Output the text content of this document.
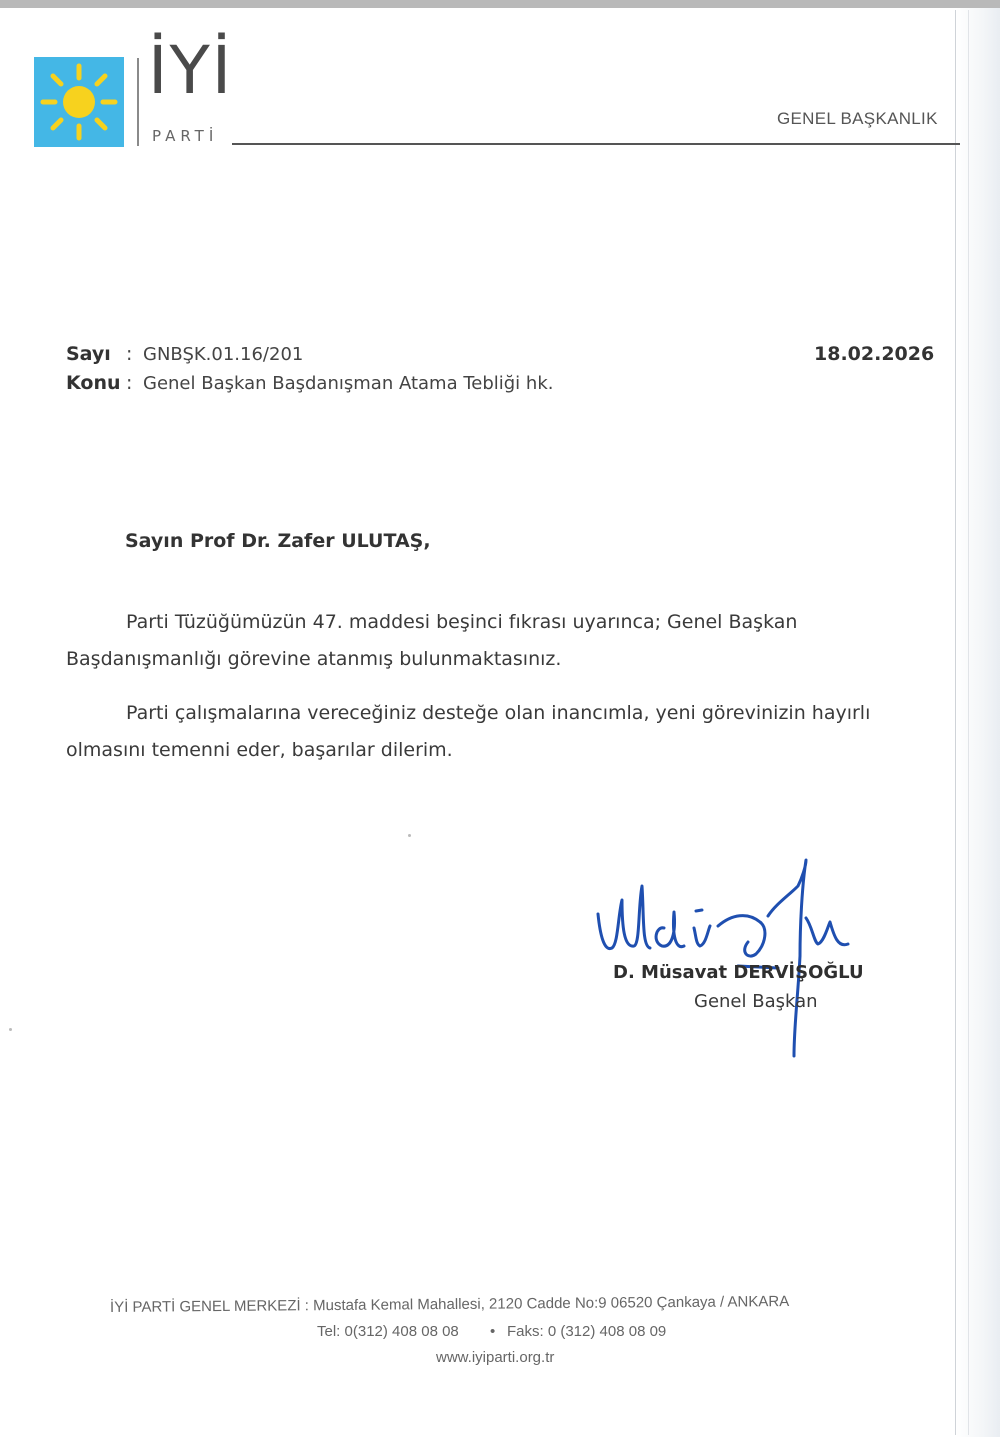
İYİ
PARTİ
GENEL BAŞKANLIK
Sayı : GNBŞK.01.16/201
Konu : Genel Başkan Başdanışman Atama Tebliği hk.
18.02.2026
Sayın Prof Dr. Zafer ULUTAŞ,
Parti Tüzüğümüzün 47. maddesi beşinci fıkrası uyarınca; Genel Başkan
Başdanışmanlığı görevine atanmış bulunmaktasınız.
Parti çalışmalarına vereceğiniz desteğe olan inancımla, yeni görevinizin hayırlı
olmasını temenni eder, başarılar dilerim.
D. Müsavat DERVİŞOĞLU
Genel Başkan
İYİ PARTİ GENEL MERKEZİ : Mustafa Kemal Mahallesi, 2120 Cadde No:9 06520 Çankaya / ANKARA
Tel: 0(312) 408 08 08 • Faks: 0 (312) 408 08 09
www.iyiparti.org.tr
